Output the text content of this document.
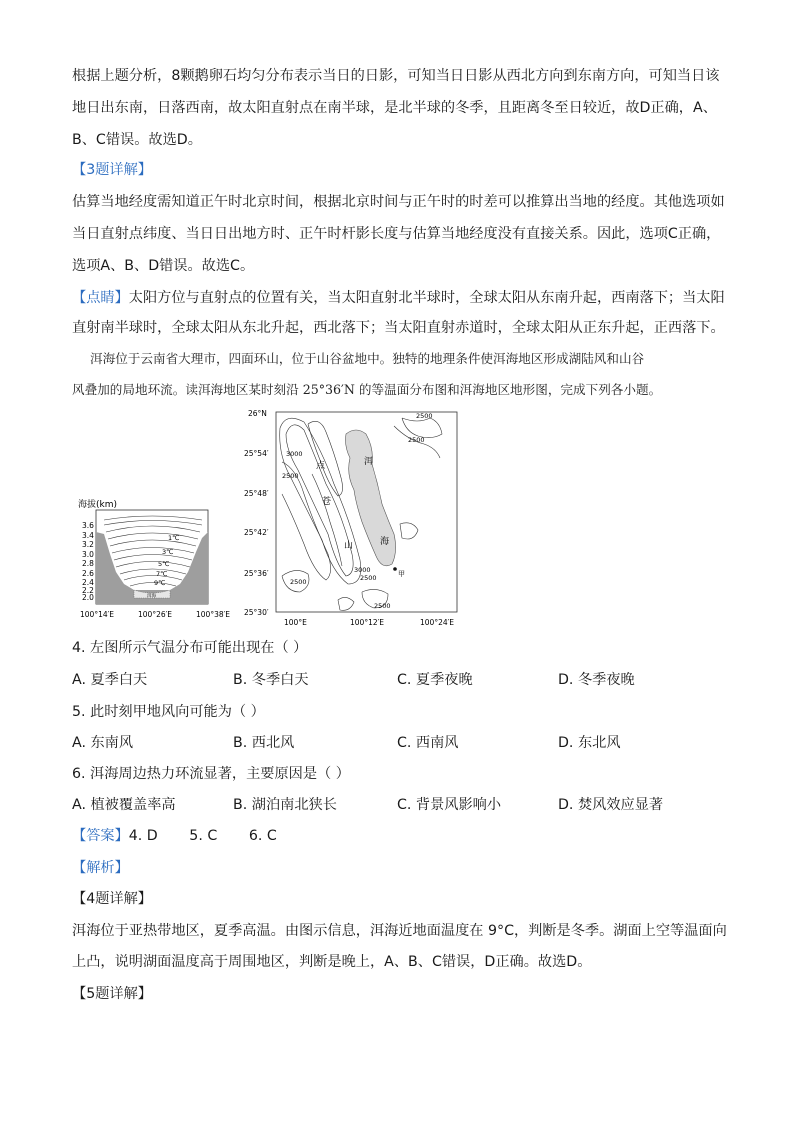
根据上题分析，8颗鹅卵石均匀分布表示当日的日影，可知当日日影从西北方向到东南方向，可知当日该
地日出东南，日落西南，故太阳直射点在南半球，是北半球的冬季，且距离冬至日较近，故D正确，A、
B、C错误。故选D。
【3题详解】
估算当地经度需知道正午时北京时间，根据北京时间与正午时的时差可以推算出当地的经度。其他选项如
当日直射点纬度、当日日出地方时、正午时杆影长度与估算当地经度没有直接关系。因此，选项C正确，
选项A、B、D错误。故选C。
【点睛】太阳方位与直射点的位置有关，当太阳直射北半球时，全球太阳从东南升起，西南落下；当太阳
直射南半球时，全球太阳从东北升起，西北落下；当太阳直射赤道时，全球太阳从正东升起，正西落下。
洱海位于云南省大理市，四面环山，位于山谷盆地中。独特的地理条件使洱海地区形成湖陆风和山谷
风叠加的局地环流。读洱海地区某时刻沿 25°36′N 的等温面分布图和洱海地区地形图，完成下列各小题。
海拔(km)
洱海
1℃
3℃
5℃
7℃
9℃
3.6
3.2
2.8
2.4
2.0
3.4
3.0
2.6
2.2
100°14′E	100°26′E	100°38′E
洱
海
点
苍
山
甲
2500
2500
3000
2500
3000
2500
2500
2500
26°N
25°54′
25°48′
25°42′
25°36′
25°30′
100°E	100°12′E	100°24′E
4. 左图所示气温分布可能出现在（ ）
A. 夏季白天	B. 冬季白天	C. 夏季夜晚	D. 冬季夜晚
5. 此时刻甲地风向可能为（ ）
A. 东南风	B. 西北风	C. 西南风	D. 东北风
6. 洱海周边热力环流显著，主要原因是（ ）
A. 植被覆盖率高	B. 湖泊南北狭长	C. 背景风影响小	D. 焚风效应显著
【答案】4. D       5. C       6. C
【解析】
【4题详解】
洱海位于亚热带地区，夏季高温。由图示信息，洱海近地面温度在 9°C，判断是冬季。湖面上空等温面向
上凸，说明湖面温度高于周围地区，判断是晚上，A、B、C错误，D正确。故选D。
【5题详解】
